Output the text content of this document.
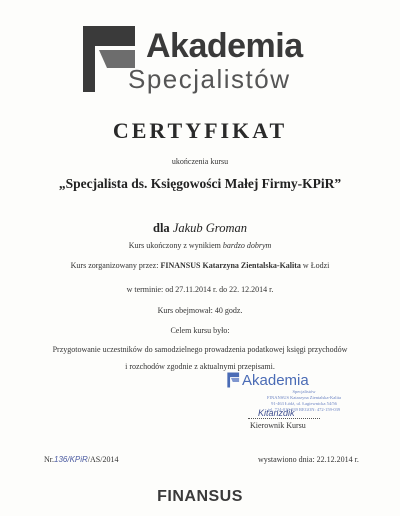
Akademia
Specjalistów
CERTYFIKAT
ukończenia kursu
„Specjalista ds. Księgowości Małej Firmy-KPiR”
dla Jakub Groman
Kurs ukończony z wynikiem bardzo dobrym
Kurs zorganizowany przez: FINANSUS Katarzyna Zientalska-Kalita w Łodzi
w terminie: od 27.11.2014 r. do 22. 12.2014 r.
Kurs obejmował: 40 godz.
Celem kursu było:
Przygotowanie uczestników do samodzielnego prowadzenia podatkowej księgi przychodów
i rozchodów zgodnie z aktualnymi przepisami.
Akademia
Specjalistów
FINANSUS Katarzyna Zientalska-Kalita
91-463 Łódź, ul. Łagiewnicka 54/56
tel. 724-010-039 REGON: 472-159-039
Kitanzdik
Kierownik Kursu
Nr.136/KPiR/AS/2014	wystawiono dnia: 22.12.2014 r.
FINANSUS
